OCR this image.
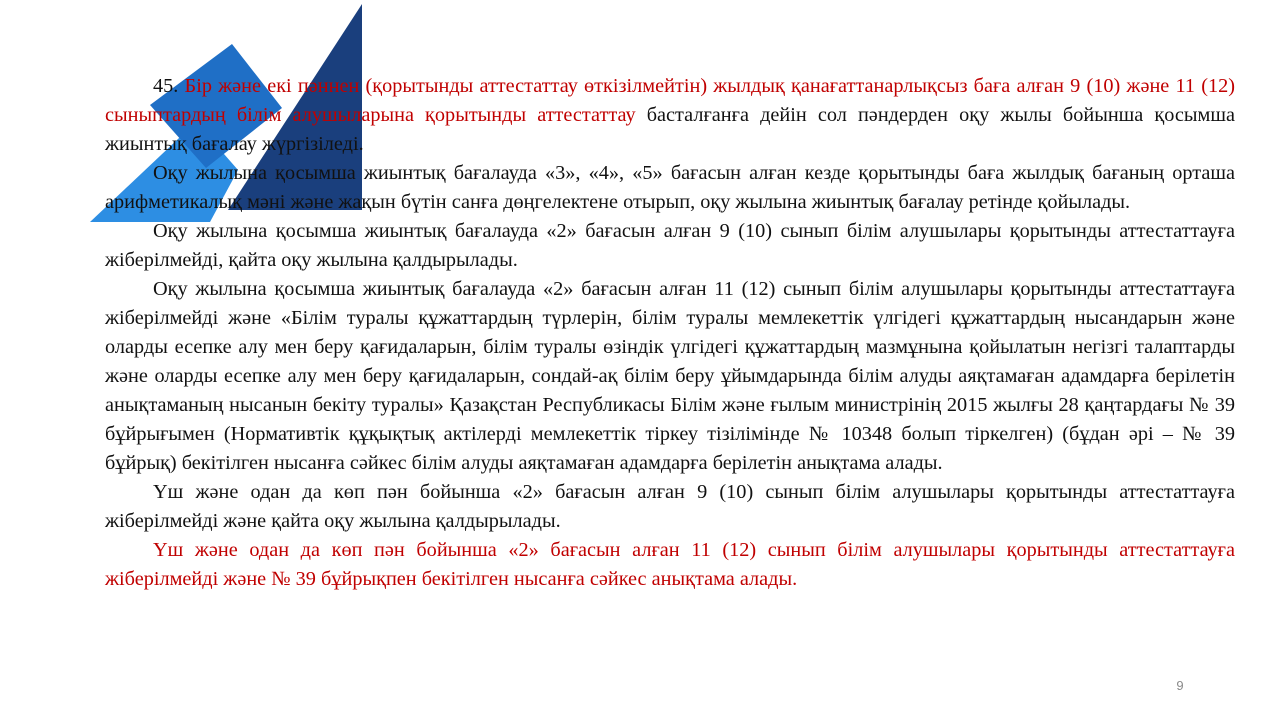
45. Бір және екі пәннен (қорытынды аттестаттау өткізілмейтін) жылдық қанағаттанарлықсыз баға алған 9 (10) және 11 (12) сыныптардың білім алушыларына қорытынды аттестаттау басталғанға дейін сол пәндерден оқу жылы бойынша қосымша жиынтық бағалау жүргізіледі.

Оқу жылына қосымша жиынтық бағалауда «3», «4», «5» бағасын алған кезде қорытынды баға жылдық бағаның орташа арифметикалық мәні және жақын бүтін санға дөңгелектене отырып, оқу жылына жиынтық бағалау ретінде қойылады.

Оқу жылына қосымша жиынтық бағалауда «2» бағасын алған 9 (10) сынып білім алушылары қорытынды аттестаттауға жіберілмейді, қайта оқу жылына қалдырылады.

Оқу жылына қосымша жиынтық бағалауда «2» бағасын алған 11 (12) сынып білім алушылары қорытынды аттестаттауға жіберілмейді және «Білім туралы құжаттардың түрлерін, білім туралы мемлекеттік үлгідегі құжаттардың нысандарын және оларды есепке алу мен беру қағидаларын, білім туралы өзіндік үлгідегі құжаттардың мазмұнына қойылатын негізгі талаптарды және оларды есепке алу мен беру қағидаларын, сондай-ақ білім беру ұйымдарында білім алуды аяқтамаған адамдарға берілетін анықтаманың нысанын бекіту туралы» Қазақстан Республикасы Білім және ғылым министрінің 2015 жылғы 28 қаңтардағы № 39 бұйрығымен (Нормативтік құқықтық актілерді мемлекеттік тіркеу тізілімінде № 10348 болып тіркелген) (бұдан әрі – № 39 бұйрық) бекітілген нысанға сәйкес білім алуды аяқтамаған адамдарға берілетін анықтама алады.

Үш және одан да көп пән бойынша «2» бағасын алған 9 (10) сынып білім алушылары қорытынды аттестаттауға жіберілмейді және қайта оқу жылына қалдырылады.

Үш және одан да көп пән бойынша «2» бағасын алған 11 (12) сынып білім алушылары қорытынды аттестаттауға жіберілмейді және № 39 бұйрықпен бекітілген нысанға сәйкес анықтама алады.

9
